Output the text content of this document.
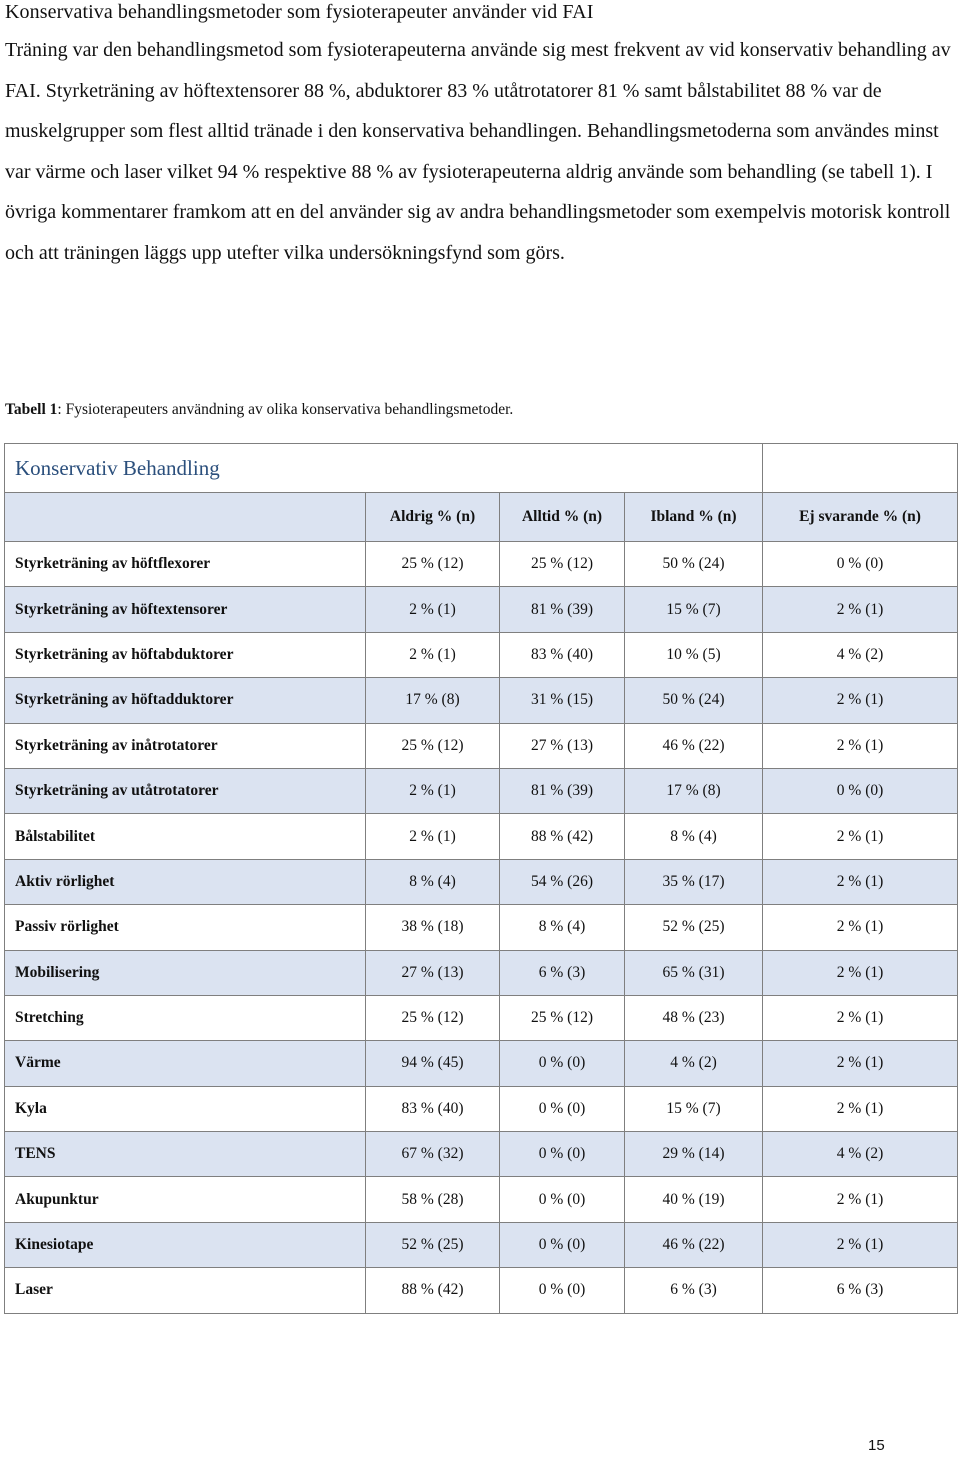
Konservativa behandlingsmetoder som fysioterapeuter använder vid FAI

Träning var den behandlingsmetod som fysioterapeuterna använde sig mest frekvent av vid konservativ behandling av FAI. Styrketräning av höftextensorer 88 %, abduktorer 83 % utåtrotatorer 81 % samt bålstabilitet 88 % var de muskelgrupper som flest alltid tränade i den konservativa behandlingen. Behandlingsmetoderna som användes minst var värme och laser vilket 94 % respektive 88 % av fysioterapeuterna aldrig använde som behandling (se tabell 1). I övriga kommentarer framkom att en del använder sig av andra behandlingsmetoder som exempelvis motorisk kontroll och att träningen läggs upp utefter vilka undersökningsfynd som görs.

Tabell 1: Fysioterapeuters användning av olika konservativa behandlingsmetoder.
Konservativ Behandling				
	Aldrig % (n)	Alltid % (n)	Ibland % (n)	Ej svarande % (n)
Styrketräning av höftflexorer	25 % (12)	25 % (12)	50 % (24)	0 % (0)
Styrketräning av höftextensorer	2 % (1)	81 % (39)	15 % (7)	2 % (1)
Styrketräning av höftabduktorer	2 % (1)	83 % (40)	10 % (5)	4 % (2)
Styrketräning av höftadduktorer	17 % (8)	31 % (15)	50 % (24)	2 % (1)
Styrketräning av inåtrotatorer	25 % (12)	27 % (13)	46 % (22)	2 % (1)
Styrketräning av utåtrotatorer	2 % (1)	81 % (39)	17 % (8)	0 % (0)
Bålstabilitet	2 % (1)	88 % (42)	8 % (4)	2 % (1)
Aktiv rörlighet	8 % (4)	54 % (26)	35 % (17)	2 % (1)
Passiv rörlighet	38 % (18)	8 % (4)	52 % (25)	2 % (1)
Mobilisering	27 % (13)	6 % (3)	65 % (31)	2 % (1)
Stretching	25 % (12)	25 % (12)	48 % (23)	2 % (1)
Värme	94 % (45)	0 % (0)	4 % (2)	2 % (1)
Kyla	83 % (40)	0 % (0)	15 % (7)	2 % (1)
TENS	67 % (32)	0 % (0)	29 % (14)	4 % (2)
Akupunktur	58 % (28)	0 % (0)	40 % (19)	2 % (1)
Kinesiotape	52 % (25)	0 % (0)	46 % (22)	2 % (1)
Laser	88 % (42)	0 % (0)	6 % (3)	6 % (3)
15
